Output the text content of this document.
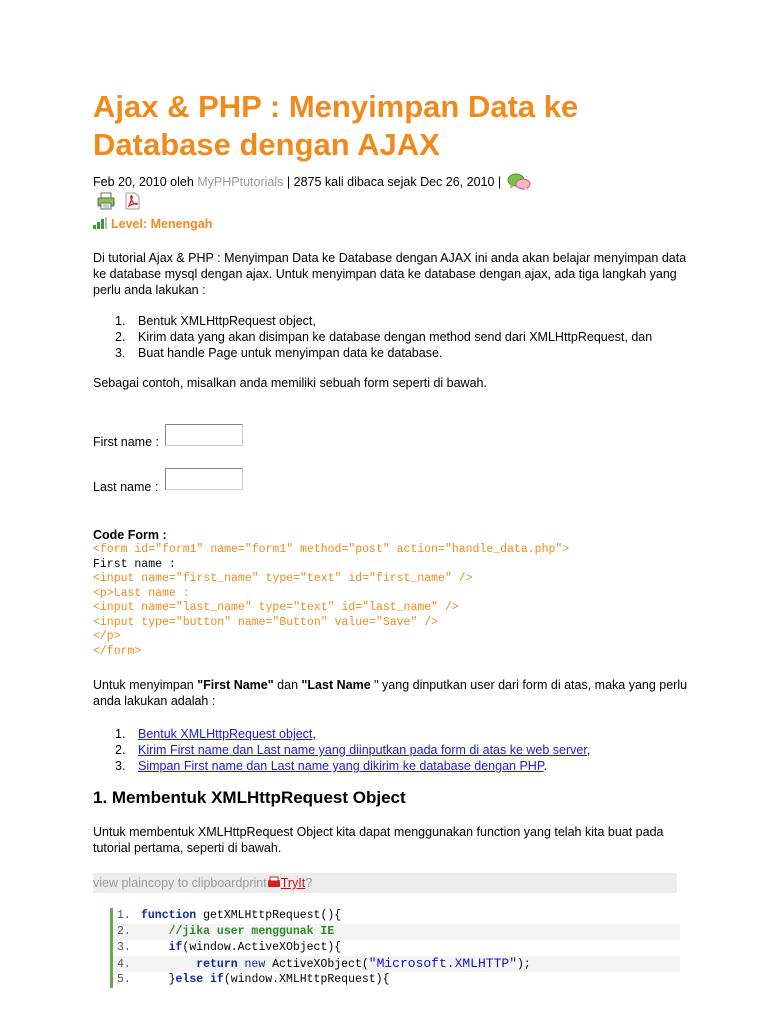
Ajax & PHP : Menyimpan Data ke Database dengan AJAX
Feb 20, 2010 oleh MyPHPtutorials | 2875 kali dibaca sejak Dec 26, 2010 |

Level: Menengah

Di tutorial Ajax & PHP : Menyimpan Data ke Database dengan AJAX ini anda akan belajar menyimpan data ke database mysql dengan ajax. Untuk menyimpan data ke database dengan ajax, ada tiga langkah yang perlu anda lakukan :

1. Bentuk XMLHttpRequest object,
2. Kirim data yang akan disimpan ke database dengan method send dari XMLHttpRequest, dan
3. Buat handle Page untuk menyimpan data ke database.

Sebagai contoh, misalkan anda memiliki sebuah form seperti di bawah.

First name :
Last name :
Code Form :
<form id="form1" name="form1" method="post" action="handle_data.php">
First name :
<input name="first_name" type="text" id="first_name" />
<p>Last name :
<input name="last_name" type="text" id="last_name" />
<input type="button" name="Button" value="Save" />
</p>
</form>

Untuk menyimpan "First Name" dan "Last Name " yang dinputkan user dari form di atas, maka yang perlu anda lakukan adalah :

1. Bentuk XMLHttpRequest object,
2. Kirim First name dan Last name yang diinputkan pada form di atas ke web server,
3. Simpan First name dan Last name yang dikirim ke database dengan PHP.
1. Membentuk XMLHttpRequest Object

Untuk membentuk XMLHttpRequest Object kita dapat menggunakan function yang telah kita buat pada tutorial pertama, seperti di bawah.

view plaincopy to clipboardprint TryIt?
1. function getXMLHttpRequest(){
2.    //jika user menggunak IE
3.    if(window.ActiveXObject){
4.        return new ActiveXObject("Microsoft.XMLHTTP");
5.    }else if(window.XMLHttpRequest){
